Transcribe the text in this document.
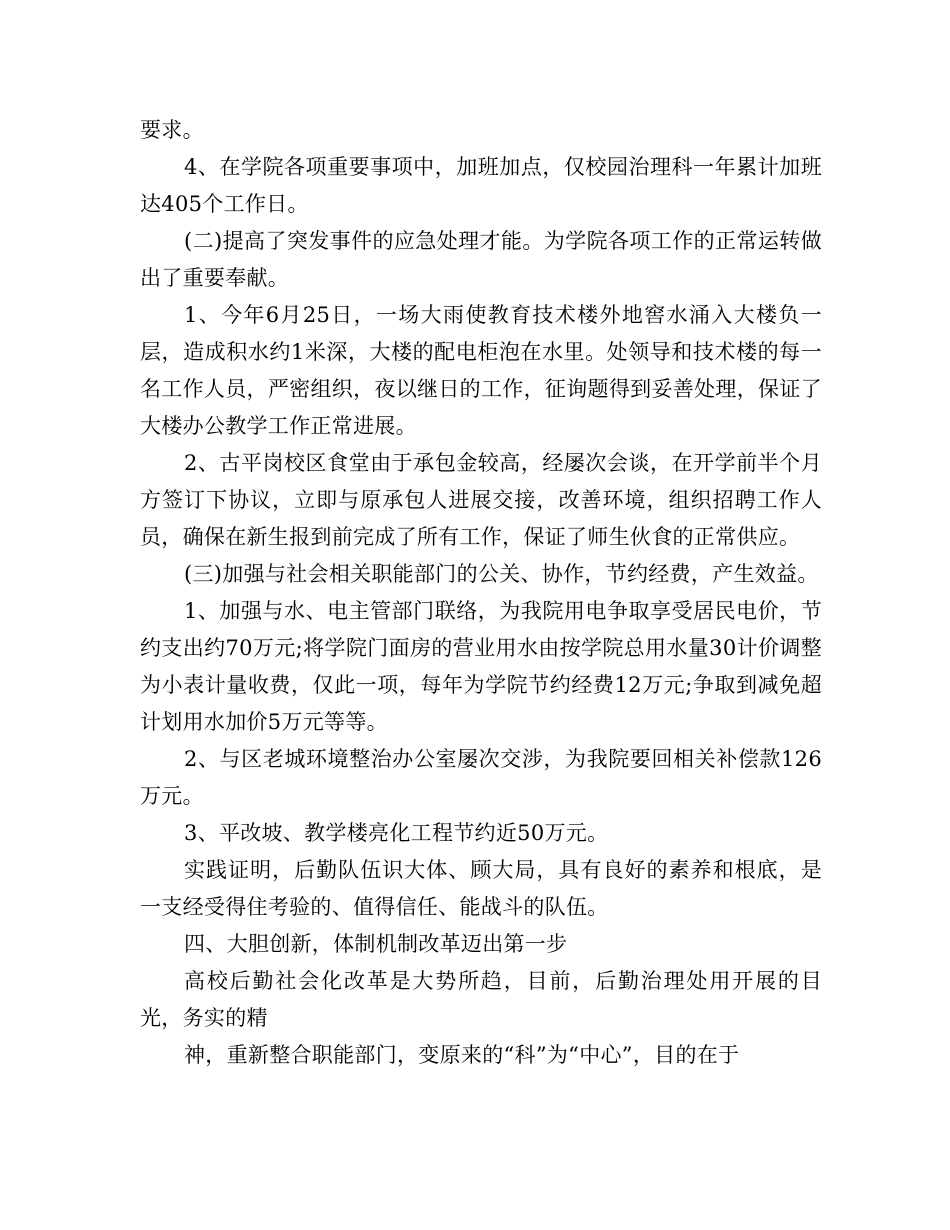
要求。

4、在学院各项重要事项中，加班加点，仅校园治理科一年累计加班达405个工作日。

(二)提高了突发事件的应急处理才能。为学院各项工作的正常运转做出了重要奉献。

1、今年6月25日，一场大雨使教育技术楼外地窖水涌入大楼负一层，造成积水约1米深，大楼的配电柜泡在水里。处领导和技术楼的每一名工作人员，严密组织，夜以继日的工作，征询题得到妥善处理，保证了大楼办公教学工作正常进展。

2、古平岗校区食堂由于承包金较高，经屡次会谈，在开学前半个月方签订下协议，立即与原承包人进展交接，改善环境，组织招聘工作人员，确保在新生报到前完成了所有工作，保证了师生伙食的正常供应。

(三)加强与社会相关职能部门的公关、协作，节约经费，产生效益。

1、加强与水、电主管部门联络，为我院用电争取享受居民电价，节约支出约70万元;将学院门面房的营业用水由按学院总用水量30计价调整为小表计量收费，仅此一项，每年为学院节约经费12万元;争取到减免超计划用水加价5万元等等。

2、与区老城环境整治办公室屡次交涉，为我院要回相关补偿款126万元。

3、平改坡、教学楼亮化工程节约近50万元。

实践证明，后勤队伍识大体、顾大局，具有良好的素养和根底，是一支经受得住考验的、值得信任、能战斗的队伍。

四、大胆创新，体制机制改革迈出第一步

高校后勤社会化改革是大势所趋，目前，后勤治理处用开展的目光，务实的精

神，重新整合职能部门，变原来的“科”为“中心”，目的在于
